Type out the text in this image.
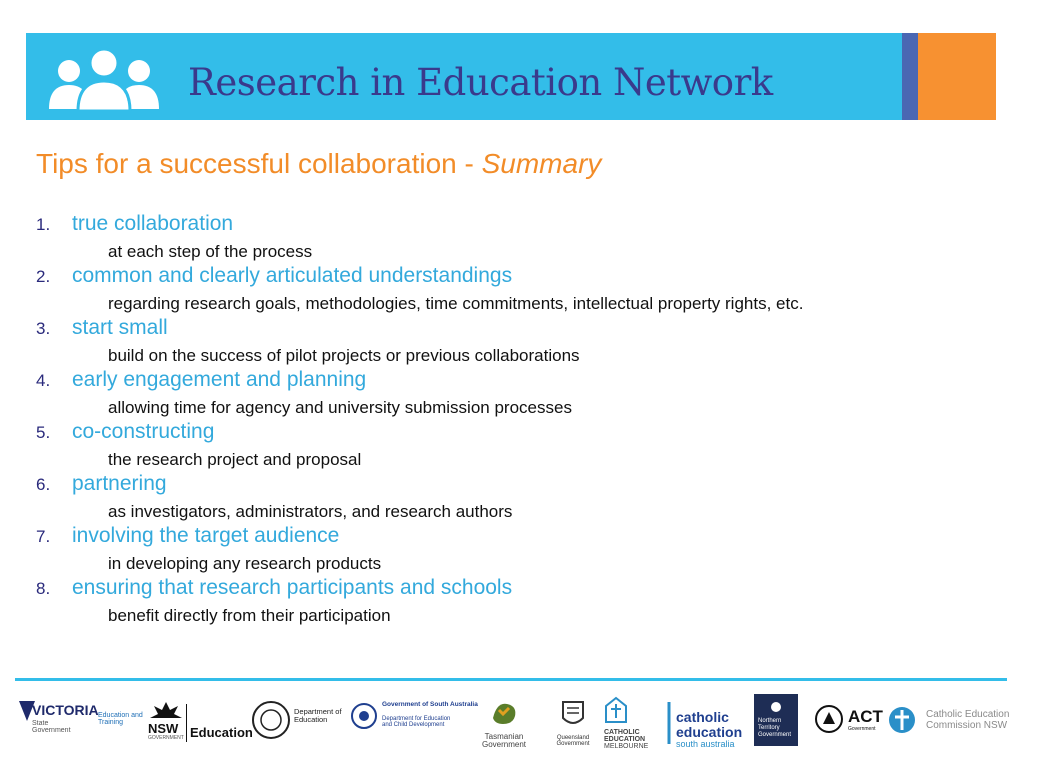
Research in Education Network
Tips for a successful collaboration - Summary
1. true collaboration
at each step of the process
2. common and clearly articulated understandings
regarding research goals, methodologies, time commitments, intellectual property rights, etc.
3. start small
build on the success of pilot projects or previous collaborations
4. early engagement and planning
allowing time for agency and university submission processes
5. co-constructing
the research project and proposal
6. partnering
as investigators, administrators, and research authors
7. involving the target audience
in developing any research products
8. ensuring that research participants and schools
benefit directly from their participation
VICTORIA
State Government
Education and Training	NSW
GOVERNMENT Education
Department of Education
Government of South Australia
Department for Education and Child Development
Tasmanian Government
Queensland Government
CATHOLIC
EDUCATION
MELBOURNE
catholic
education
south australia
Northern
Territory
Government
ACT
Government
Catholic Education
Commission NSW
